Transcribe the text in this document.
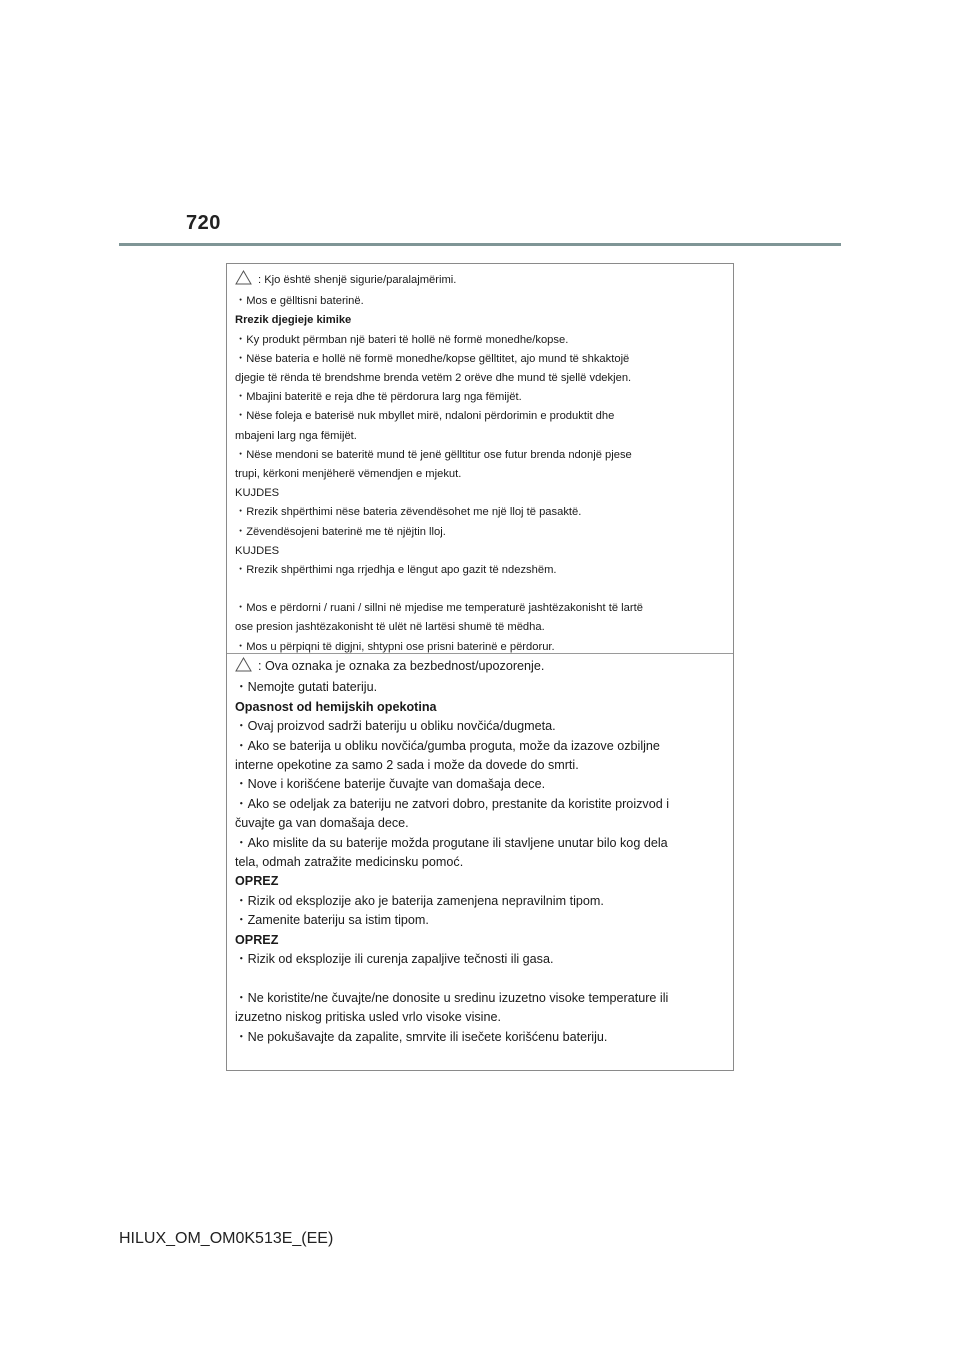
720
: Kjo është shenjë sigurie/paralajmërimi.
・Mos e gëlltisni baterinë.
Rrezik djegieje kimike
・Ky produkt përmban një bateri të hollë në formë monedhe/kopse.
・Nëse bateria e hollë në formë monedhe/kopse gëlltitet, ajo mund të shkaktojë
djegie të rënda të brendshme brenda vetëm 2 orëve dhe mund të sjellë vdekjen.
・Mbajini bateritë e reja dhe të përdorura larg nga fëmijët.
・Nëse foleja e baterisë nuk mbyllet mirë, ndaloni përdorimin e produktit dhe
mbajeni larg nga fëmijët.
・Nëse mendoni se bateritë mund të jenë gëlltitur ose futur brenda ndonjë pjese
trupi, kërkoni menjëherë vëmendjen e mjekut.
KUJDES
・Rrezik shpërthimi nëse bateria zëvendësohet me një lloj të pasaktë.
・Zëvendësojeni baterinë me të njëjtin lloj.
KUJDES
・Rrezik shpërthimi nga rrjedhja e lëngut apo gazit të ndezshëm.
・Mos e përdorni / ruani / sillni në mjedise me temperaturë jashtëzakonisht të lartë
ose presion jashtëzakonisht të ulët në lartësi shumë të mëdha.
・Mos u përpiqni të digjni, shtypni ose prisni baterinë e përdorur.
: Ova oznaka je oznaka za bezbednost/upozorenje.
・Nemojte gutati bateriju.
Opasnost od hemijskih opekotina
・Ovaj proizvod sadrži bateriju u obliku novčića/dugmeta.
・Ako se baterija u obliku novčića/gumba proguta, može da izazove ozbiljne
interne opekotine za samo 2 sada i može da dovede do smrti.
・Nove i korišćene baterije čuvajte van domašaja dece.
・Ako se odeljak za bateriju ne zatvori dobro, prestanite da koristite proizvod i
čuvajte ga van domašaja dece.
・Ako mislite da su baterije možda progutane ili stavljene unutar bilo kog dela
tela, odmah zatražite medicinsku pomoć.
OPREZ
・Rizik od eksplozije ako je baterija zamenjena nepravilnim tipom.
・Zamenite bateriju sa istim tipom.
OPREZ
・Rizik od eksplozije ili curenja zapaljive tečnosti ili gasa.
・Ne koristite/ne čuvajte/ne donosite u sredinu izuzetno visoke temperature ili
izuzetno niskog pritiska usled vrlo visoke visine.
・Ne pokušavajte da zapalite, smrvite ili isečete korišćenu bateriju.
HILUX_OM_OM0K513E_(EE)
